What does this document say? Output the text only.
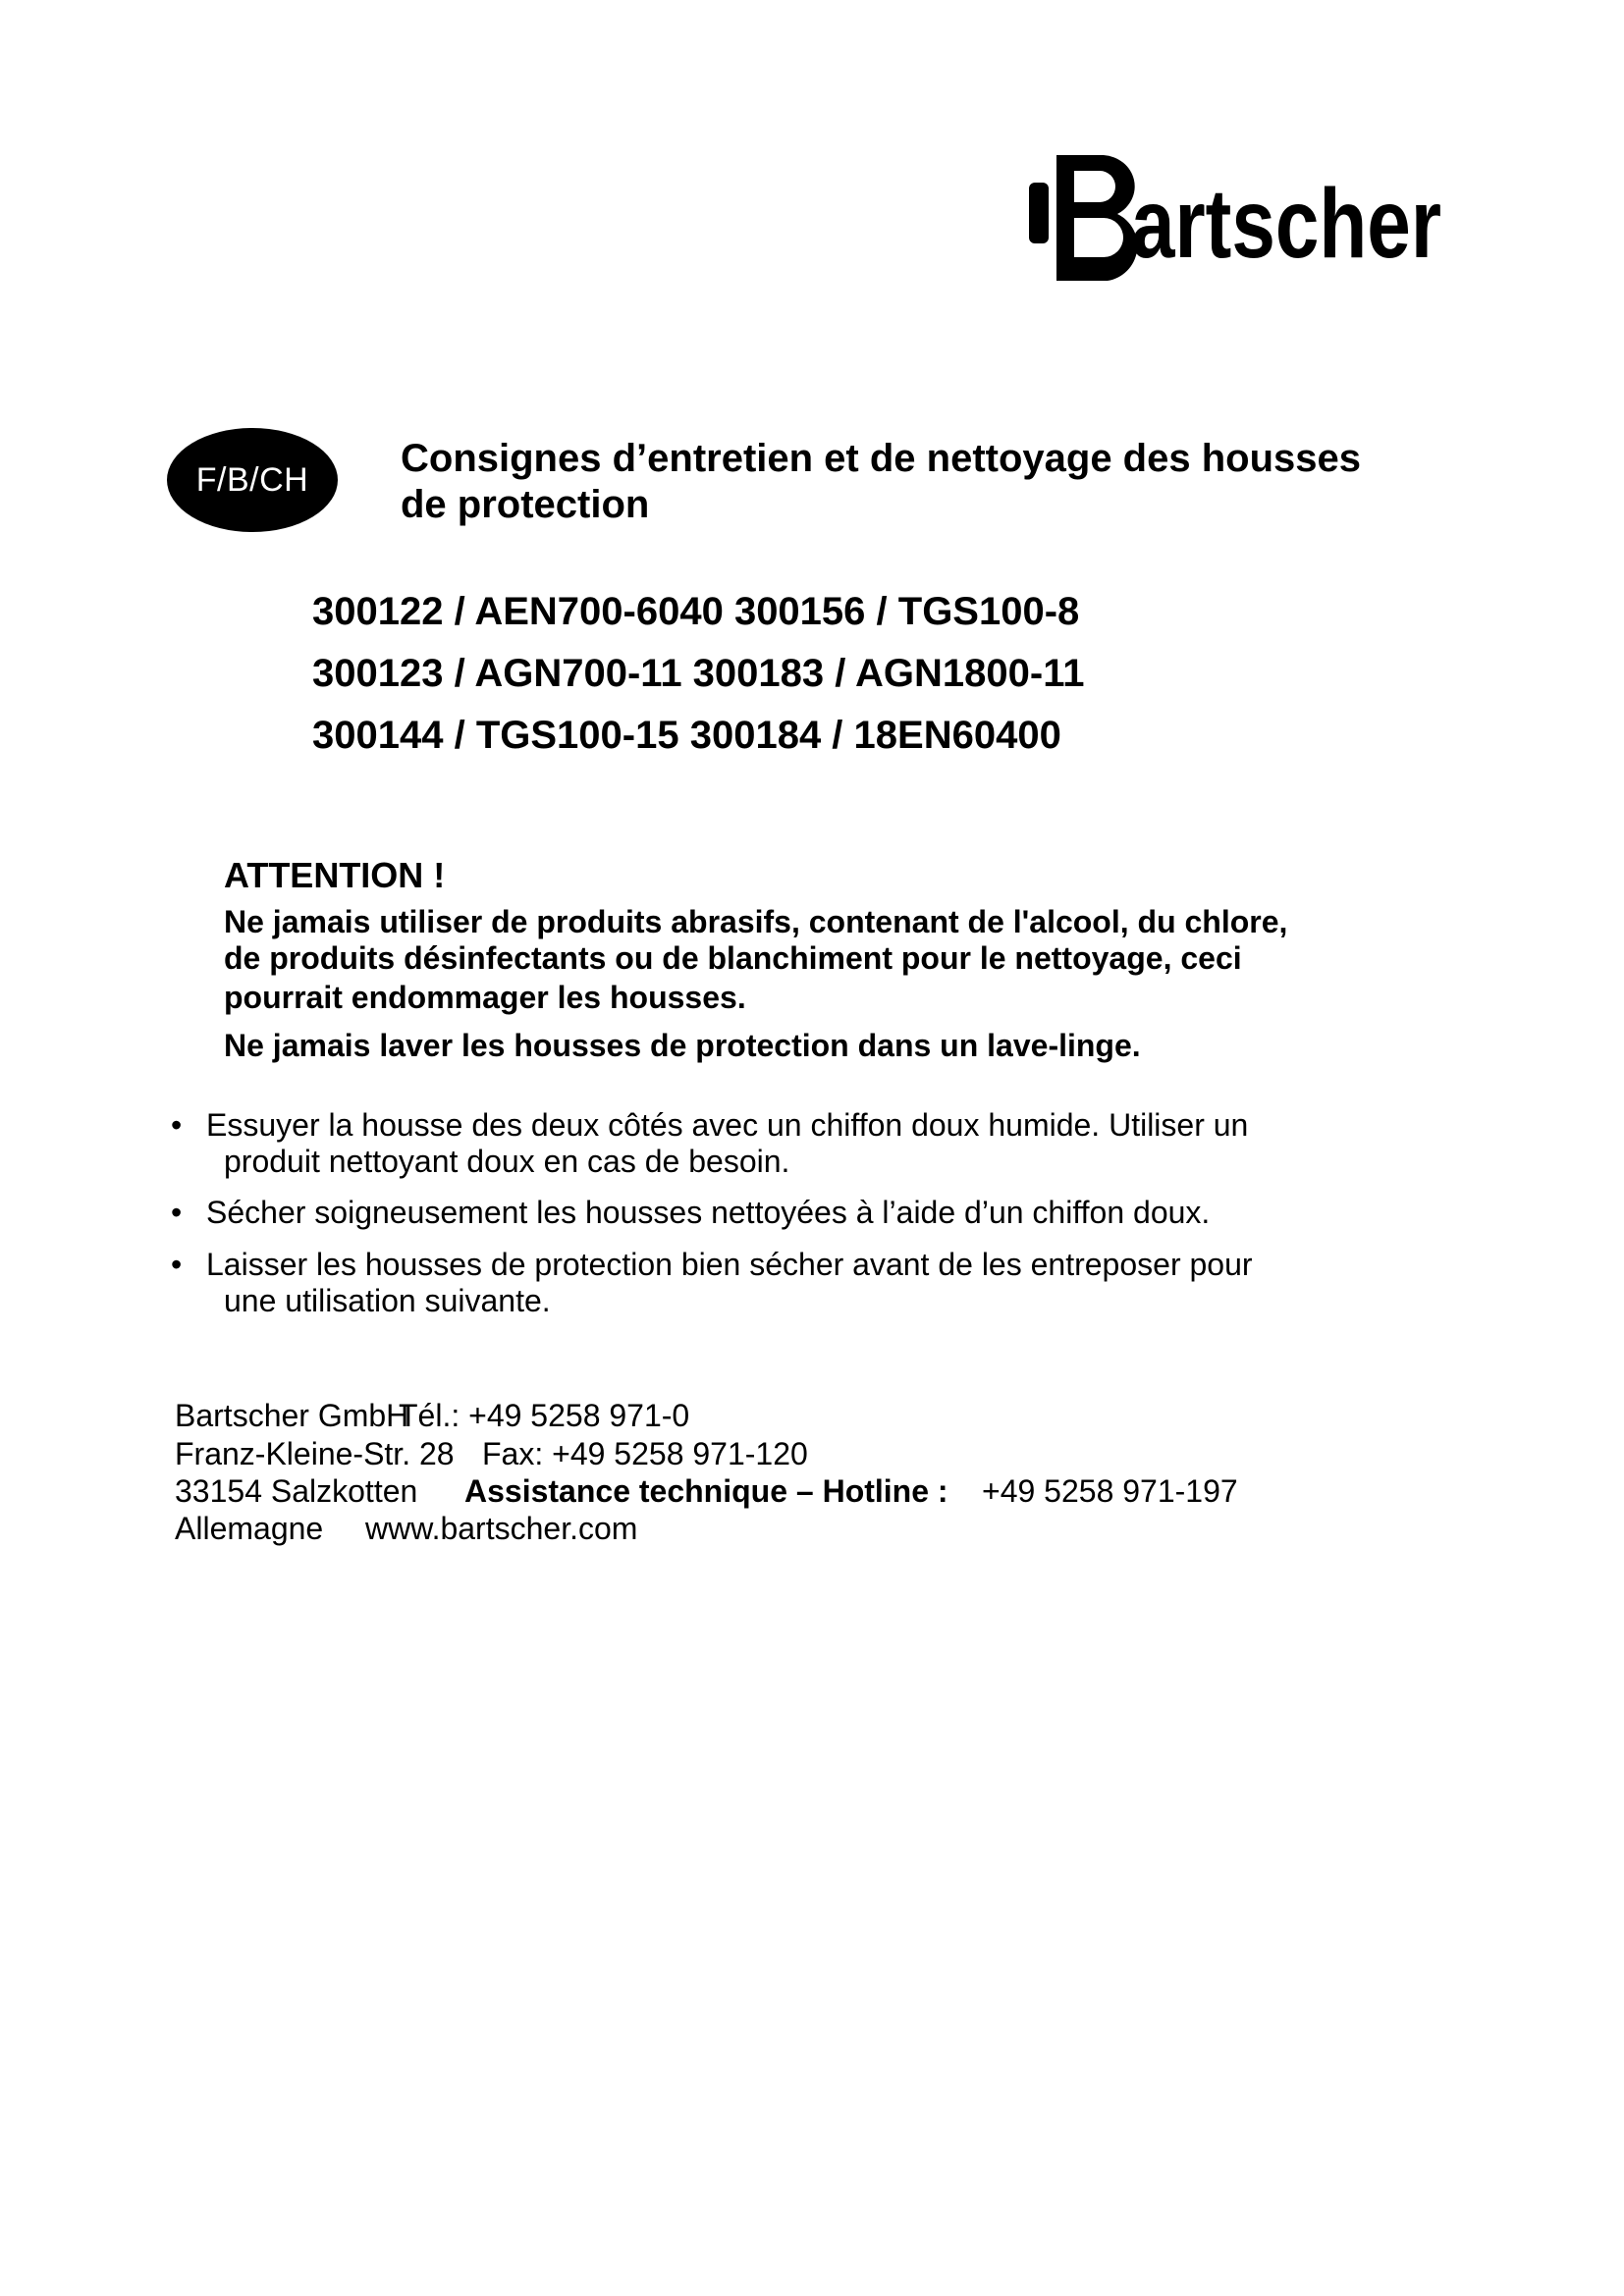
artscher
F/B/CH	Consignes d’entretien et de nettoyage des housses
de protection
300122 / AEN700-6040 300156 / TGS100-8
300123 / AGN700-11 300183 / AGN1800-11
300144 / TGS100-15 300184 / 18EN60400
ATTENTION !
Ne jamais utiliser de produits abrasifs, contenant de l'alcool, du chlore,
de produits désinfectants ou de blanchiment pour le nettoyage, ceci
pourrait endommager les housses.
Ne jamais laver les housses de protection dans un lave-linge.
• Essuyer la housse des deux côtés avec un chiffon doux humide. Utiliser un
produit nettoyant doux en cas de besoin.
• Sécher soigneusement les housses nettoyées à l’aide d’un chiffon doux.
• Laisser les housses de protection bien sécher avant de les entreposer pour
une utilisation suivante.
Bartscher GmbH
Tél.: +49 5258 971-0
Franz-Kleine-Str. 28 Fax: +49 5258 971-120
33154 Salzkotten Assistance technique – Hotline : +49 5258 971-197
Allemagne www.bartscher.com
